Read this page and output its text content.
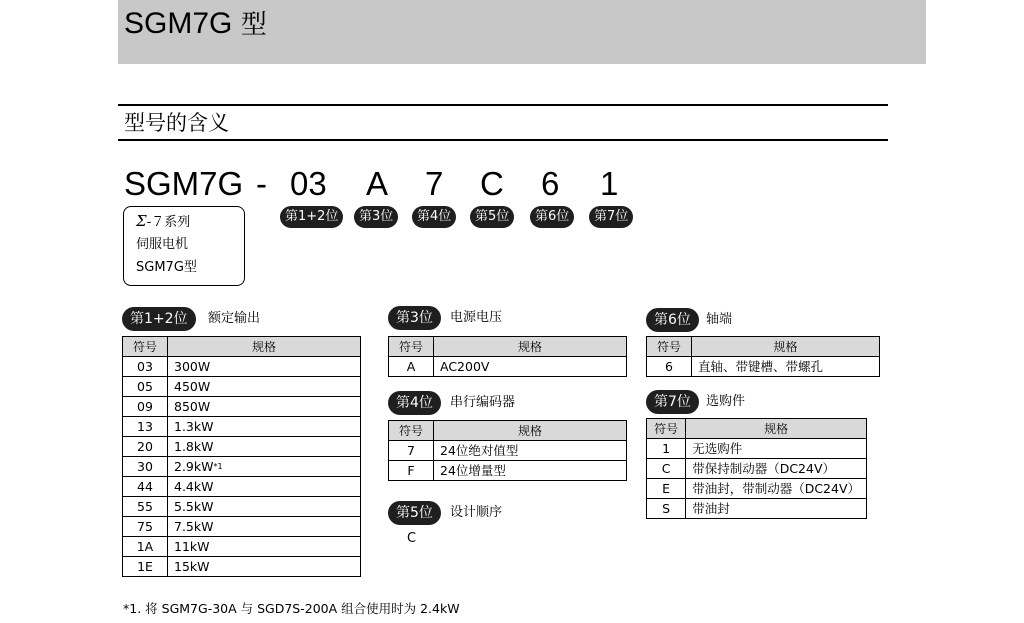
SGM7G 型
型号的含义
SGM7G - 03 A 7 C 6 1
第1+2位	第3位	第4位	第5位	第6位	第7位
Σ-７系列
伺服电机
SGM7G型
第1+2位	额定输出
符号	规格
03	300W
05	450W
09	850W
13	1.3kW
20	1.8kW
30	$2.9kW^{*1}$
44	4.4kW
55	5.5kW
75	7.5kW
1A	11kW
1E	15kW
第3位	电源电压
符号	规格
A	AC200V
第4位	串行编码器
符号	规格
7	24位绝对值型
F	24位增量型
第5位	设计顺序
C
第6位	轴端
符号	规格
6	直轴、带键槽、带螺孔
第7位	选购件
符号	规格
1	无选购件
C	带保持制动器（DC24V）
E	带油封，带制动器（DC24V）
S	带油封
*1. 将 SGM7G-30A 与 SGD7S-200A 组合使用时为 2.4kW
